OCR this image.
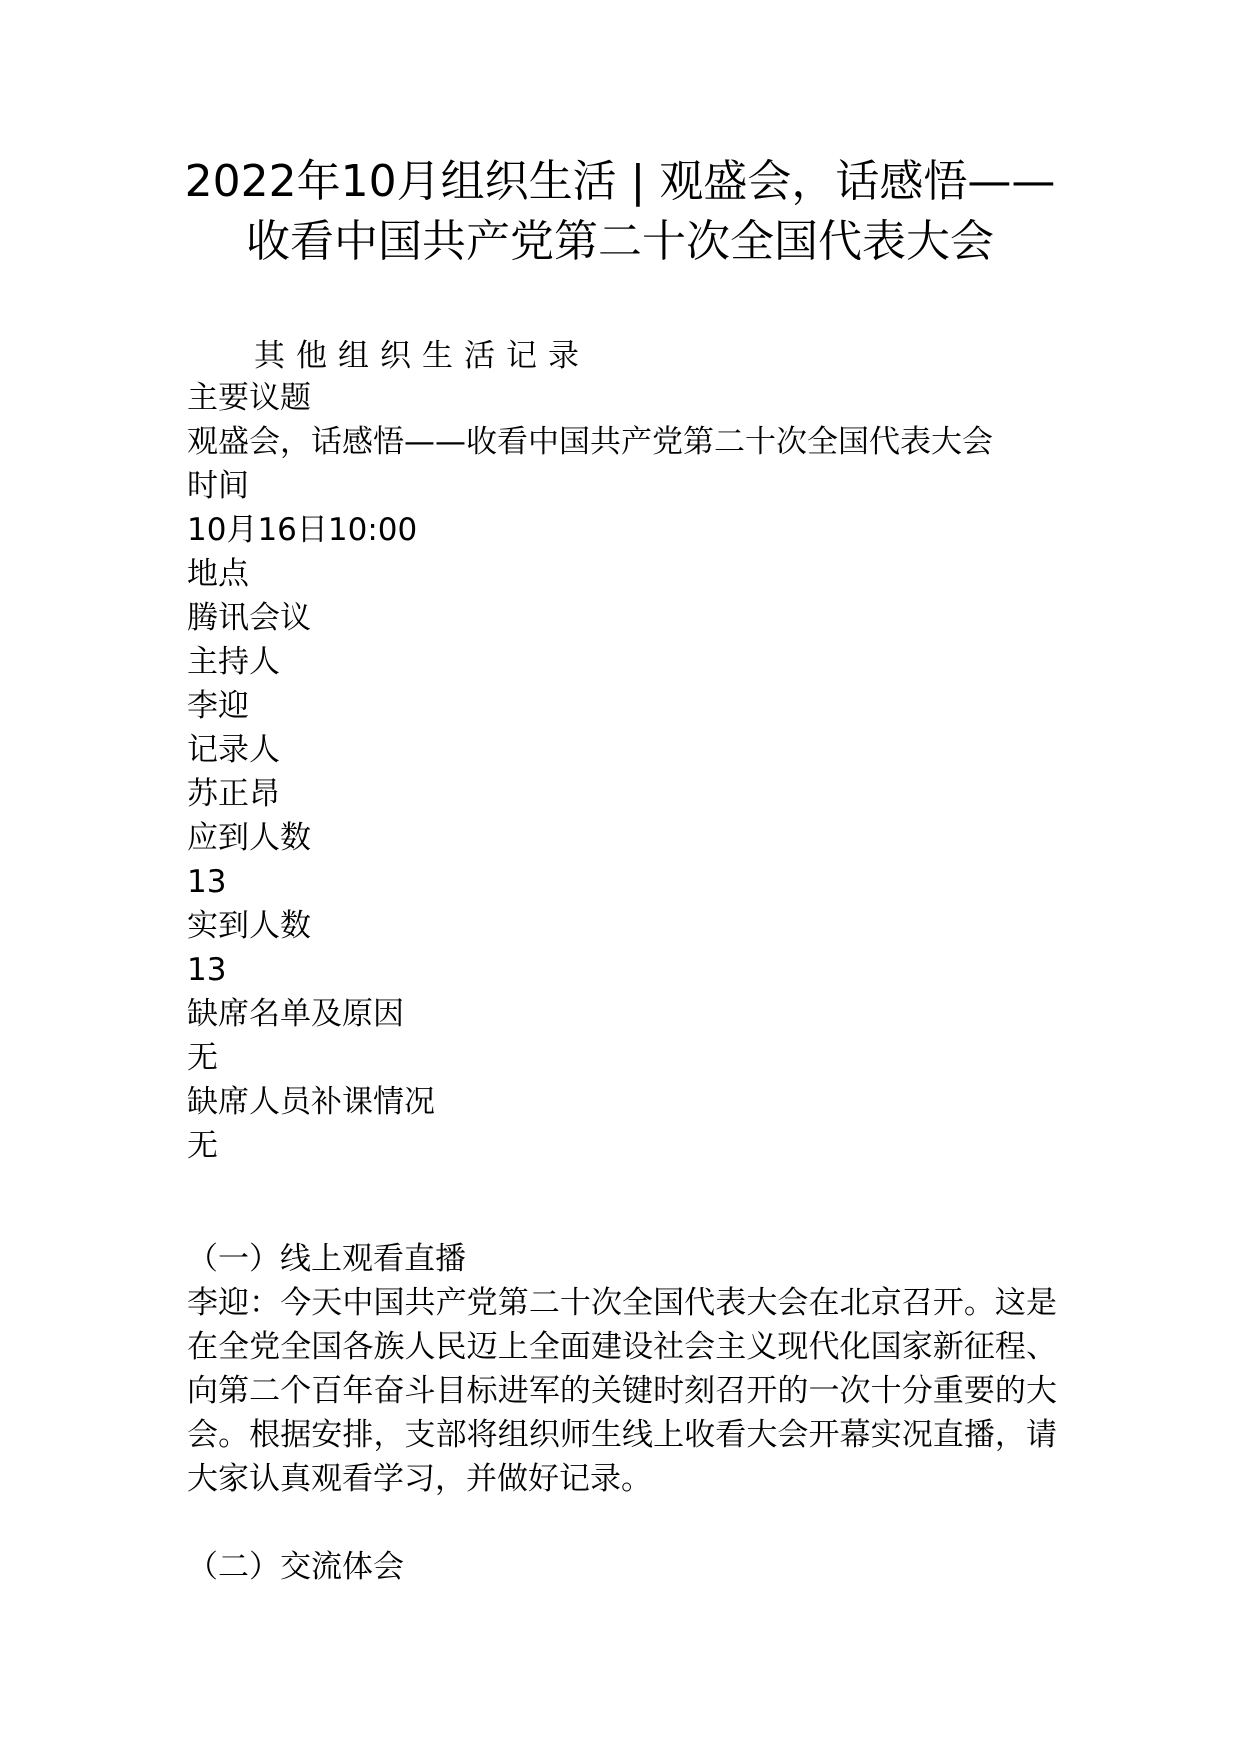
2022年10月组织生活 | 观盛会，话感悟——收看中国共产党第二十次全国代表大会
其他组织生活记录
主要议题
观盛会，话感悟——收看中国共产党第二十次全国代表大会
时间
10月16日10:00
地点
腾讯会议
主持人
李迎
记录人
苏正昂
应到人数
13
实到人数
13
缺席名单及原因
无
缺席人员补课情况
无
（一）线上观看直播

李迎：今天中国共产党第二十次全国代表大会在北京召开。这是在全党全国各族人民迈上全面建设社会主义现代化国家新征程、向第二个百年奋斗目标进军的关键时刻召开的一次十分重要的大会。根据安排，支部将组织师生线上收看大会开幕实况直播，请大家认真观看学习，并做好记录。

（二）交流体会
